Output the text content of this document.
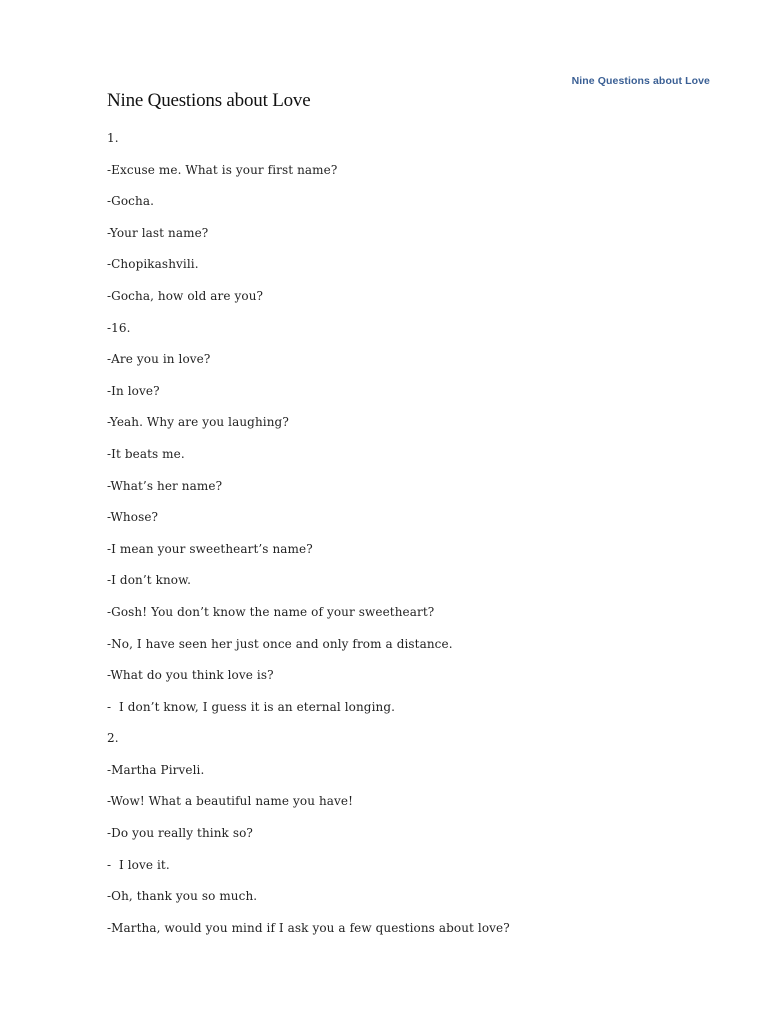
Nine Questions about Love
Nine Questions about Love
1.
-Excuse me. What is your first name?
-Gocha.
-Your last name?
-Chopikashvili.
-Gocha, how old are you?
-16.
-Are you in love?
-In love?
-Yeah. Why are you laughing?
-It beats me.
-What’s her name?
-Whose?
-I mean your sweetheart’s name?
-I don’t know.
-Gosh! You don’t know the name of your sweetheart?
-No, I have seen her just once and only from a distance.
-What do you think love is?
-  I don’t know, I guess it is an eternal longing.
2.
-Martha Pirveli.
-Wow! What a beautiful name you have!
-Do you really think so?
-  I love it.
-Oh, thank you so much.
-Martha, would you mind if I ask you a few questions about love?
